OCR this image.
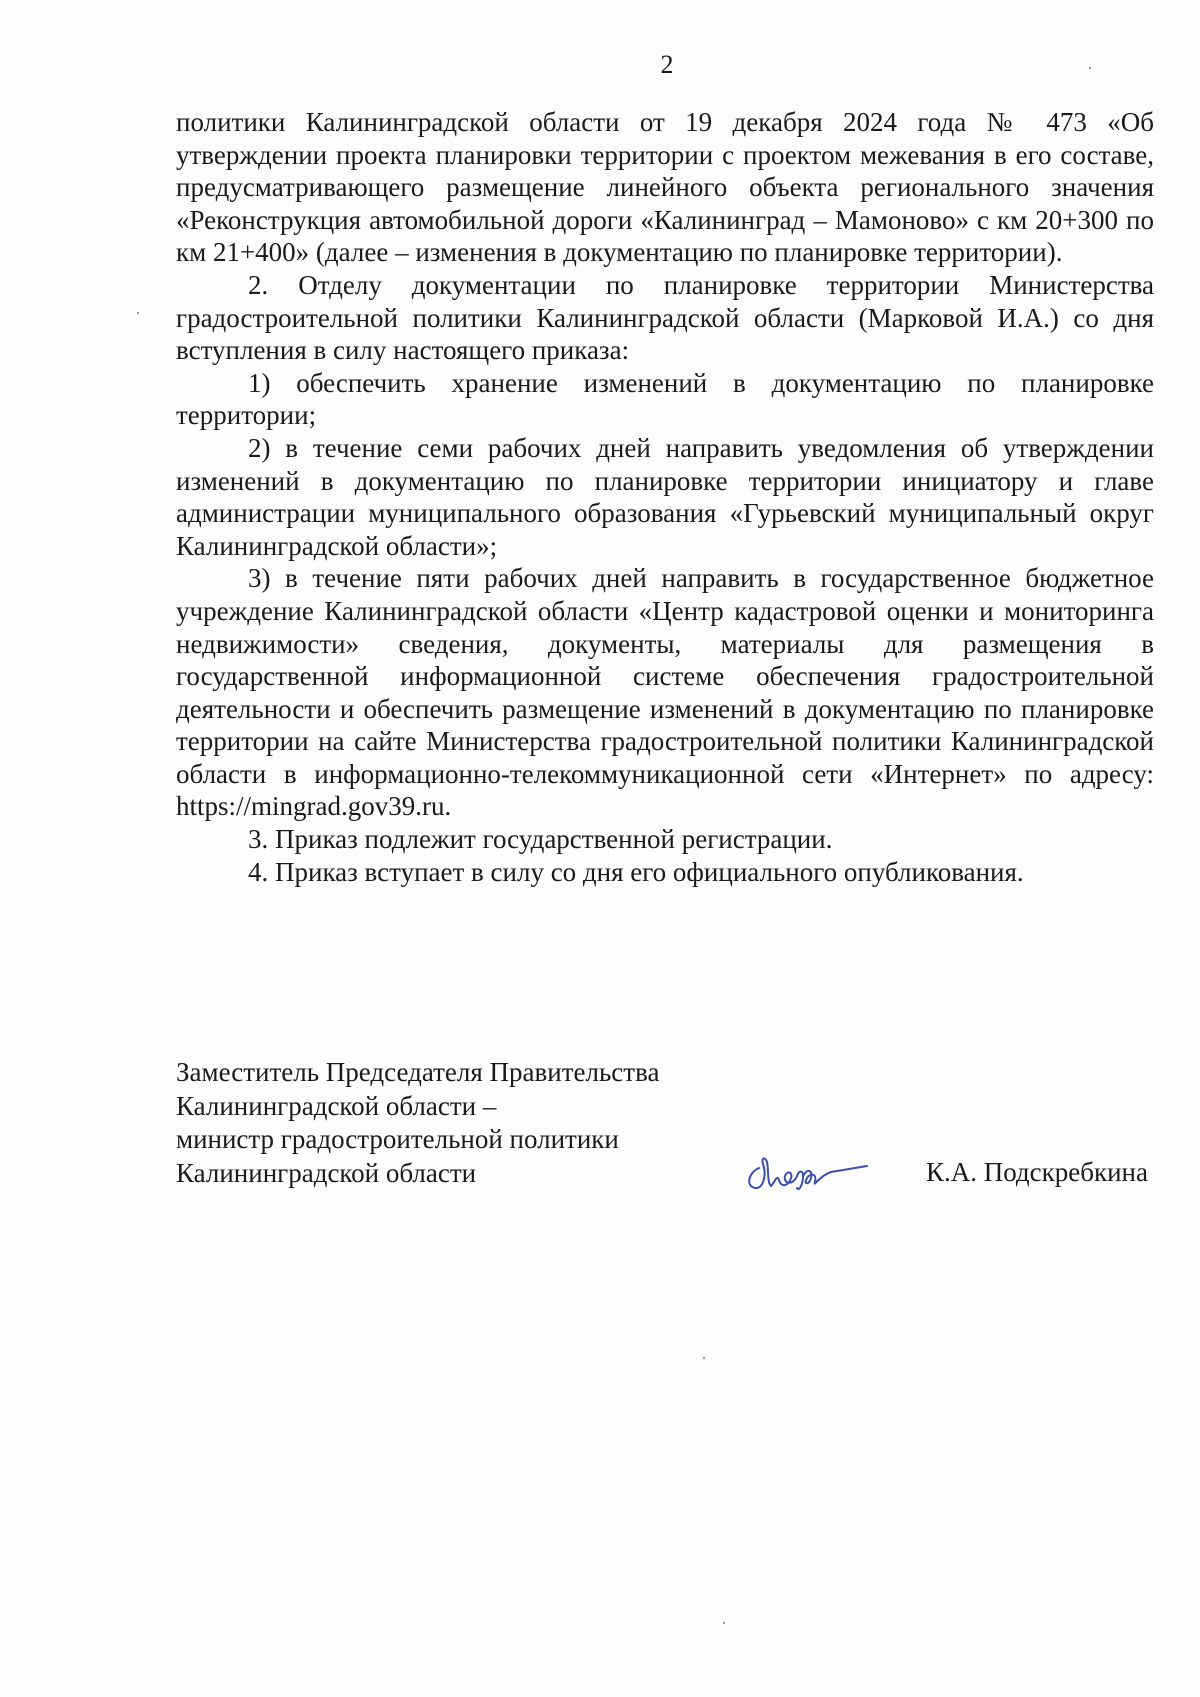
2

политики Калининградской области от 19 декабря 2024 года № 473 «Об утверждении проекта планировки территории с проектом межевания в его составе, предусматривающего размещение линейного объекта регионального значения «Реконструкция автомобильной дороги «Калининград – Мамоново» с км 20+300 по км 21+400» (далее – изменения в документацию по планировке территории).

2. Отделу документации по планировке территории Министерства градостроительной политики Калининградской области (Марковой И.А.) со дня вступления в силу настоящего приказа:

1) обеспечить хранение изменений в документацию по планировке территории;

2) в течение семи рабочих дней направить уведомления об утверждении изменений в документацию по планировке территории инициатору и главе администрации муниципального образования «Гурьевский муниципальный округ Калининградской области»;

3) в течение пяти рабочих дней направить в государственное бюджетное учреждение Калининградской области «Центр кадастровой оценки и мониторинга недвижимости» сведения, документы, материалы для размещения в государственной информационной системе обеспечения градостроительной деятельности и обеспечить размещение изменений в документацию по планировке территории на сайте Министерства градостроительной политики Калининградской области в информационно-телекоммуникационной сети «Интернет» по адресу: https://mingrad.gov39.ru.

3. Приказ подлежит государственной регистрации.

4. Приказ вступает в силу со дня его официального опубликования.

Заместитель Председателя Правительства
Калининградской области –
министр градостроительной политики
Калининградской области	К.А. Подскребкина
